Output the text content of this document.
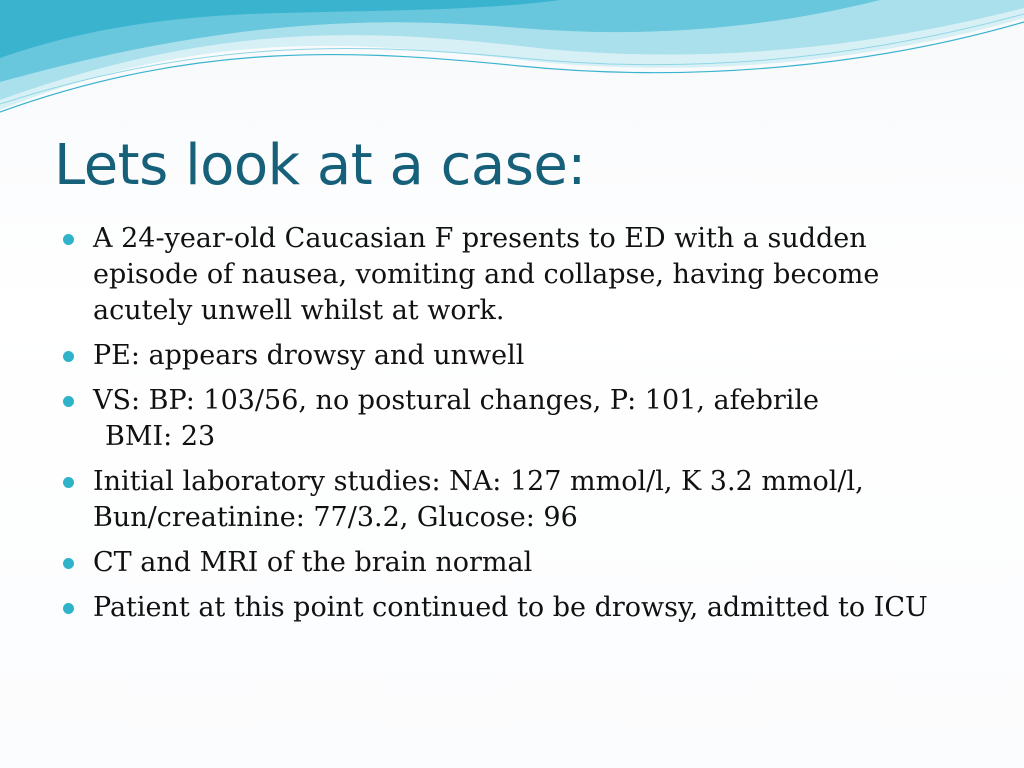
Lets look at a case:
A 24-year-old Caucasian F presents to ED with a sudden episode of nausea, vomiting and collapse, having become acutely unwell whilst at work.
PE: appears drowsy and unwell
VS: BP: 103/56, no postural changes, P: 101, afebrile
BMI: 23
Initial laboratory studies: NA: 127 mmol/l, K 3.2 mmol/l, Bun/creatinine: 77/3.2, Glucose: 96
CT and MRI of the brain normal
Patient at this point continued to be drowsy, admitted to ICU
